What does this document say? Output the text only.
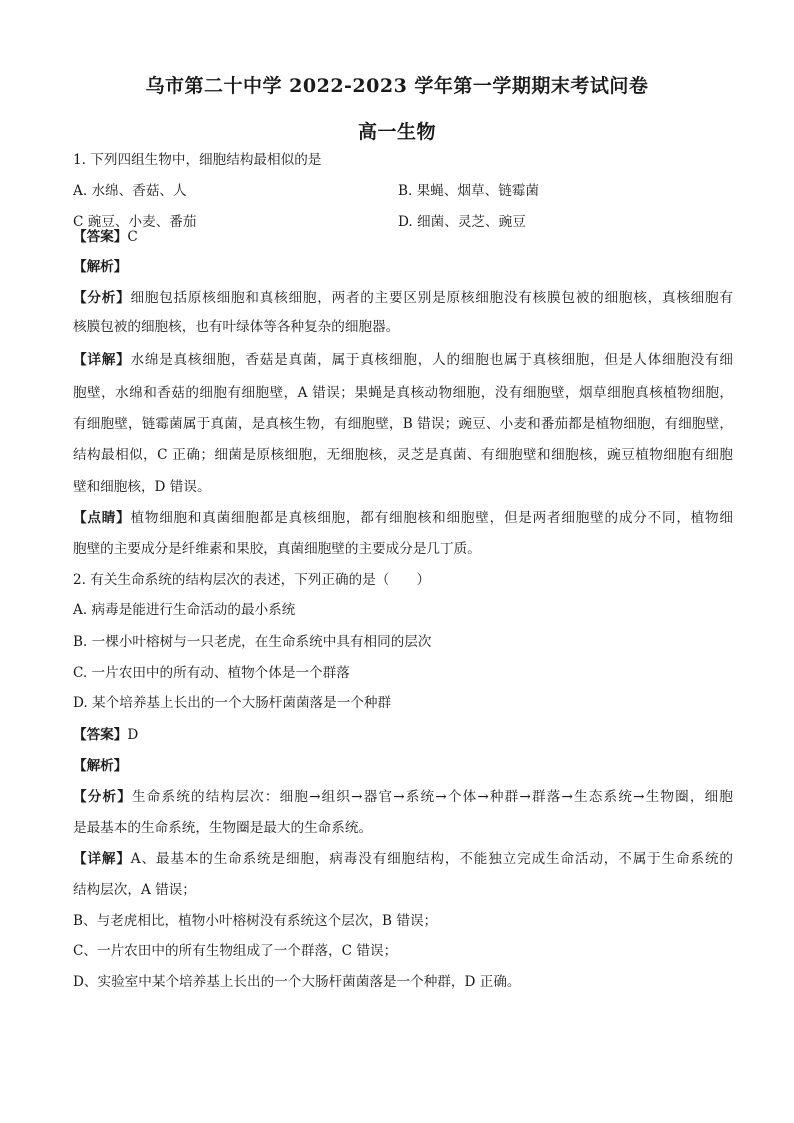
乌市第二十中学 2022-2023 学年第一学期期末考试问卷
高一生物
1. 下列四组生物中，细胞结构最相似的是
A. 水绵、香菇、人	B. 果蝇、烟草、链霉菌
C 豌豆、小麦、番茄	D. 细菌、灵芝、豌豆
【答案】C
【解析】
【分析】细胞包括原核细胞和真核细胞，两者的主要区别是原核细胞没有核膜包被的细胞核，真核细胞有
核膜包被的细胞核，也有叶绿体等各种复杂的细胞器。
【详解】水绵是真核细胞，香菇是真菌，属于真核细胞，人的细胞也属于真核细胞，但是人体细胞没有细
胞壁，水绵和香菇的细胞有细胞壁，A 错误；果蝇是真核动物细胞，没有细胞壁，烟草细胞真核植物细胞，
有细胞壁，链霉菌属于真菌，是真核生物，有细胞壁，B 错误；豌豆、小麦和番茄都是植物细胞，有细胞壁，
结构最相似，C 正确；细菌是原核细胞，无细胞核，灵芝是真菌、有细胞壁和细胞核，豌豆植物细胞有细胞
壁和细胞核，D 错误。
【点睛】植物细胞和真菌细胞都是真核细胞，都有细胞核和细胞壁，但是两者细胞壁的成分不同，植物细
胞壁的主要成分是纤维素和果胶，真菌细胞壁的主要成分是几丁质。
2. 有关生命系统的结构层次的表述，下列正确的是（　　）
A. 病毒是能进行生命活动的最小系统
B. 一棵小叶榕树与一只老虎，在生命系统中具有相同的层次
C. 一片农田中的所有动、植物个体是一个群落
D. 某个培养基上长出的一个大肠杆菌菌落是一个种群
【答案】D
【解析】
【分析】生命系统的结构层次：细胞→组织→器官→系统→个体→种群→群落→生态系统→生物圈，细胞
是最基本的生命系统，生物圈是最大的生命系统。
【详解】A、最基本的生命系统是细胞，病毒没有细胞结构，不能独立完成生命活动，不属于生命系统的
结构层次，A 错误；
B、与老虎相比，植物小叶榕树没有系统这个层次，B 错误；
C、一片农田中的所有生物组成了一个群落，C 错误；
D、实验室中某个培养基上长出的一个大肠杆菌菌落是一个种群，D 正确。
